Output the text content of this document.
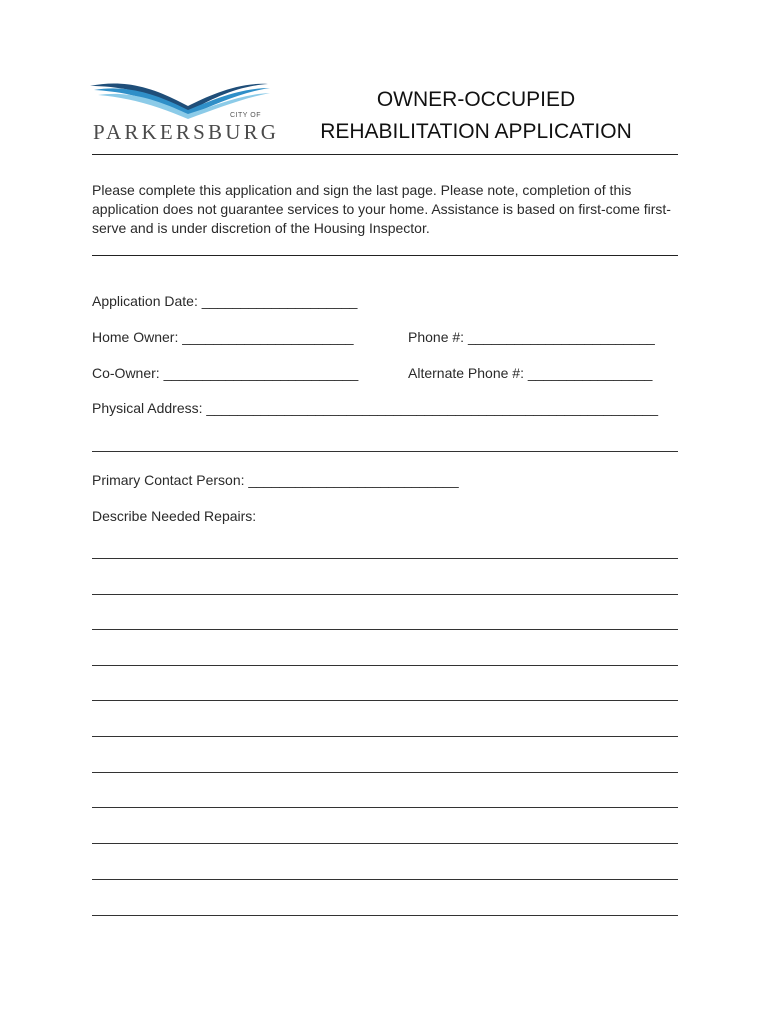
CITY OF
PARKERSBURG
OWNER-OCCUPIED
REHABILITATION APPLICATION
Please complete this application and sign the last page. Please note, completion of this application does not guarantee services to your home. Assistance is based on first-come first-serve and is under discretion of the Housing Inspector.
Application Date: ____________________
Home Owner: ______________________	Phone #: ________________________
Co-Owner: _________________________	Alternate Phone #: ________________
Physical Address: __________________________________________________________
Primary Contact Person: ___________________________
Describe Needed Repairs:
